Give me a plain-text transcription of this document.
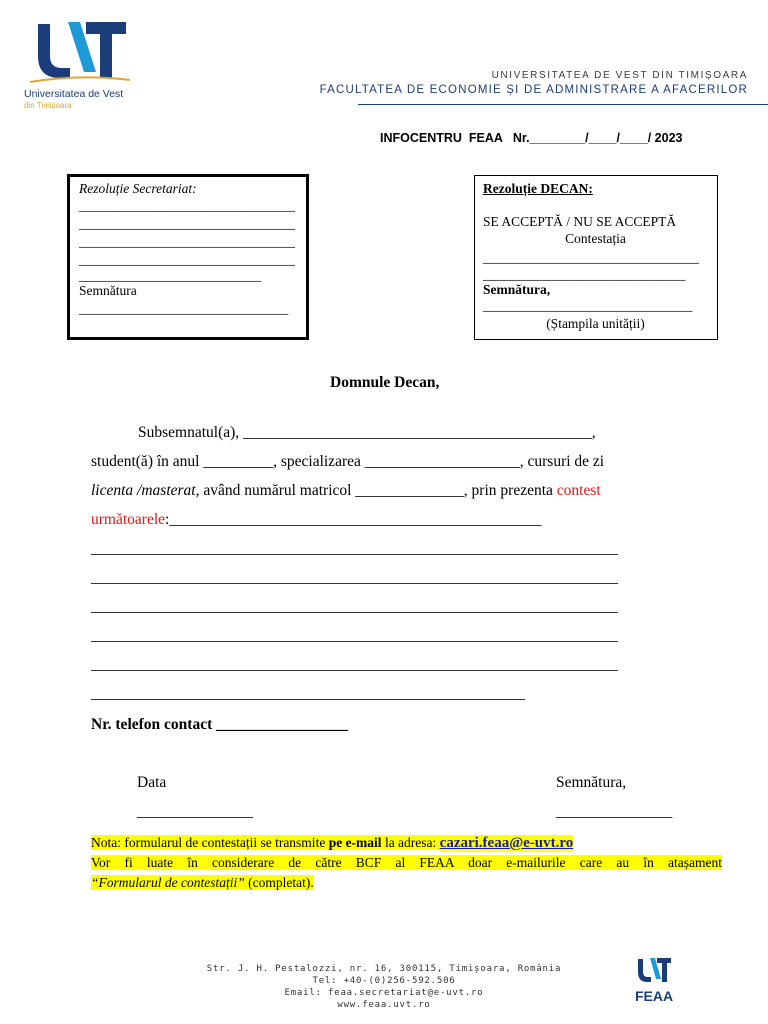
Universitatea de Vest
din Timișoara
UNIVERSITATEA DE VEST DIN TIMIȘOARA
FACULTATEA DE ECONOMIE ȘI DE ADMINISTRARE A AFACERILOR
INFOCENTRU  FEAA   Nr.________/____/____/ 2023
Rezoluție Secretariat:
________________________________
________________________________
________________________________
________________________________
___________________________
Semnătura
_______________________________
Rezoluție DECAN:
SE ACCEPTĂ / NU SE ACCEPTĂ
Contestația
________________________________
______________________________
Semnătura,
_______________________________
(Ștampila unității)
Domnule Decan,
Subsemnatul(a), _____________________________________________,
student(ă) în anul _________, specializarea ____________________, cursuri de zi
licenta /masterat, având numărul matricol ______________, prin prezenta contest
următoarele:________________________________________________
____________________________________________________________________
____________________________________________________________________
____________________________________________________________________
____________________________________________________________________
____________________________________________________________________
________________________________________________________
Nr. telefon contact _________________
Data
_______________
Semnătura,
_______________
Nota: formularul de contestații se transmite pe e-mail la adresa: cazari.feaa@e-uvt.ro
Vor fi luate în considerare de către BCF al FEAA doar e-mailurile care au în atașament
“Formularul de contestații” (completat).
Str. J. H. Pestalozzi, nr. 16, 300115, Timișoara, România
Tel: +40-(0)256-592.506
Email: feaa.secretariat@e-uvt.ro
www.feaa.uvt.ro
FEAA
